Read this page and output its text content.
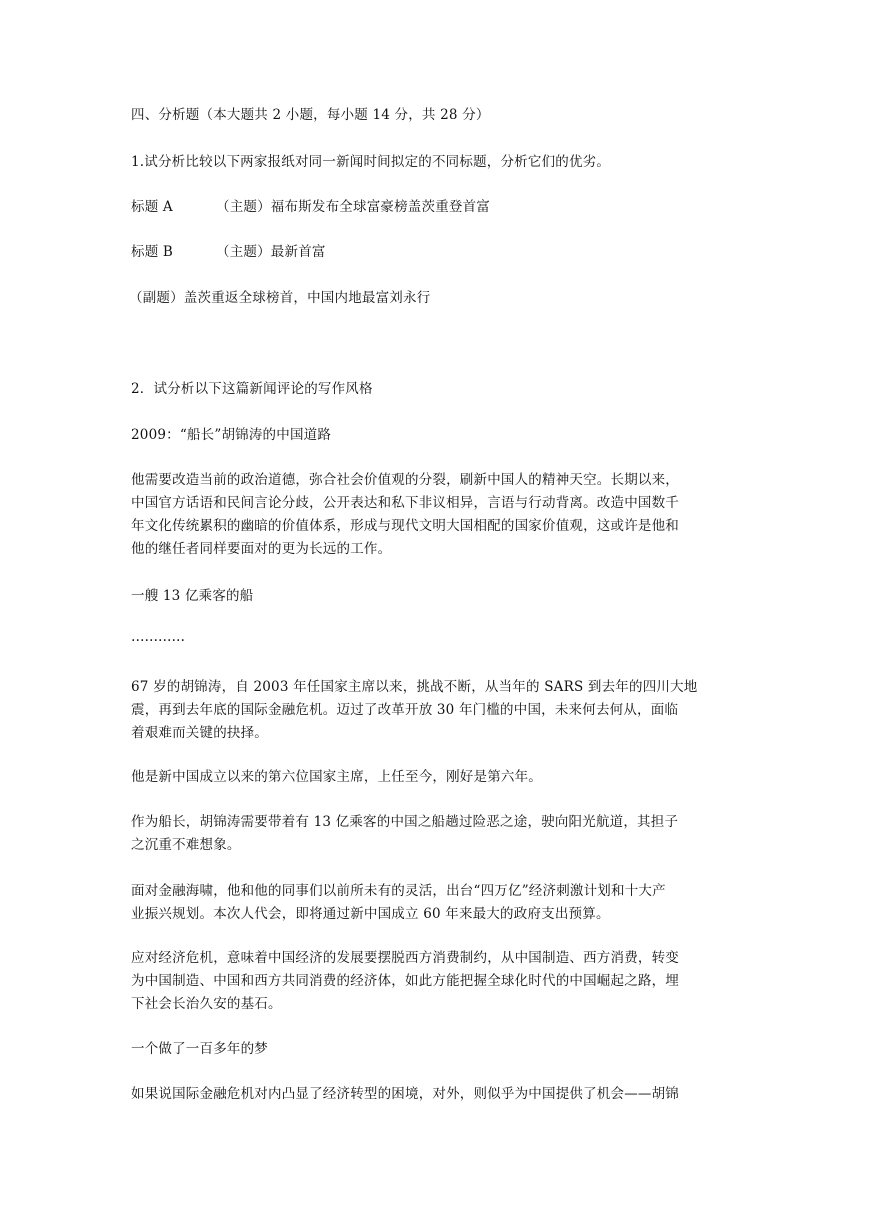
四、分析题（本大题共 2 小题，每小题 14 分，共 28 分）
1.试分析比较以下两家报纸对同一新闻时间拟定的不同标题，分析它们的优劣。
标题 A	（主题）福布斯发布全球富豪榜盖茨重登首富
标题 B	（主题）最新首富
（副题）盖茨重返全球榜首，中国内地最富刘永行
2．试分析以下这篇新闻评论的写作风格
2009：“船长”胡锦涛的中国道路
他需要改造当前的政治道德，弥合社会价值观的分裂，刷新中国人的精神天空。长期以来，
中国官方话语和民间言论分歧，公开表达和私下非议相异，言语与行动背离。改造中国数千
年文化传统累积的幽暗的价值体系，形成与现代文明大国相配的国家价值观，这或许是他和
他的继任者同样要面对的更为长远的工作。
一艘 13 亿乘客的船
…………
67 岁的胡锦涛，自 2003 年任国家主席以来，挑战不断，从当年的 SARS 到去年的四川大地
震，再到去年底的国际金融危机。迈过了改革开放 30 年门槛的中国，未来何去何从，面临
着艰难而关键的抉择。
他是新中国成立以来的第六位国家主席，上任至今，刚好是第六年。
作为船长，胡锦涛需要带着有 13 亿乘客的中国之船趟过险恶之途，驶向阳光航道，其担子
之沉重不难想象。
面对金融海啸，他和他的同事们以前所未有的灵活，出台“四万亿”经济刺激计划和十大产
业振兴规划。本次人代会，即将通过新中国成立 60 年来最大的政府支出预算。
应对经济危机，意味着中国经济的发展要摆脱西方消费制约，从中国制造、西方消费，转变
为中国制造、中国和西方共同消费的经济体，如此方能把握全球化时代的中国崛起之路，埋
下社会长治久安的基石。
一个做了一百多年的梦
如果说国际金融危机对内凸显了经济转型的困境，对外，则似乎为中国提供了机会——胡锦
